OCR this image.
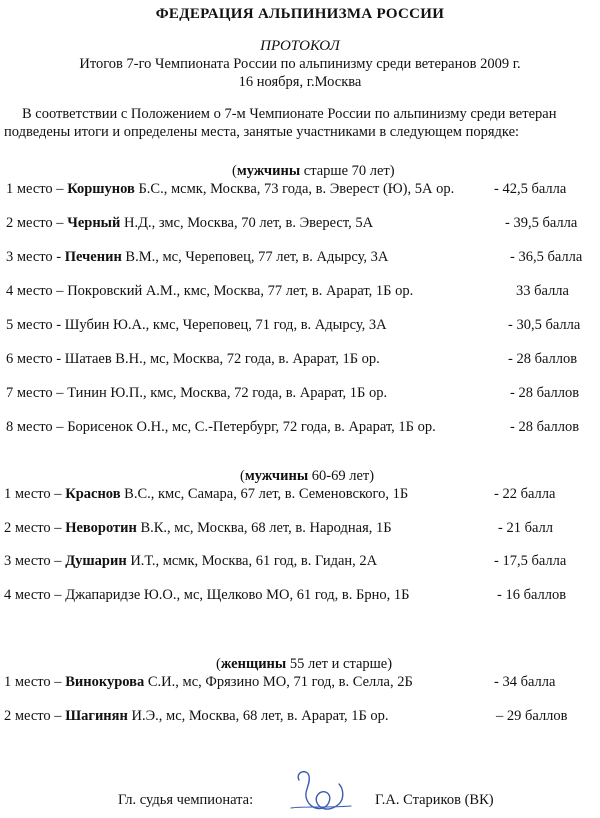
ФЕДЕРАЦИЯ АЛЬПИНИЗМА РОССИИ
ПРОТОКОЛ
Итогов 7-го Чемпионата России по альпинизму среди ветеранов 2009 г.
16 ноября, г.Москва
В соответствии с Положением о 7-м Чемпионате России по альпинизму среди ветеран
подведены итоги и определены места, занятые участниками в следующем порядке:
(мужчины старше 70 лет)
1 место – Коршунов Б.С., мсмк, Москва, 73 года, в. Эверест (Ю), 5А ор.	- 42,5 балла
2 место – Черный Н.Д., змс, Москва, 70 лет, в. Эверест, 5А	- 39,5 балла
3 место - Печенин В.М., мс, Череповец, 77 лет, в. Адырсу, 3А	- 36,5 балла
4 место – Покровский А.М., кмс, Москва, 77 лет, в. Арарат, 1Б ор.	33 балла
5 место - Шубин Ю.А., кмс, Череповец, 71 год, в. Адырсу, 3А	- 30,5 балла
6 место - Шатаев В.Н., мс, Москва, 72 года, в. Арарат, 1Б ор.	- 28 баллов
7 место – Тинин Ю.П., кмс, Москва, 72 года, в. Арарат, 1Б ор.	- 28 баллов
8 место – Борисенок О.Н., мс, С.-Петербург, 72 года, в. Арарат, 1Б ор.	- 28 баллов
(мужчины 60-69 лет)
1 место – Краснов В.С., кмс, Самара, 67 лет, в. Семеновского, 1Б	- 22 балла
2 место – Неворотин В.К., мс, Москва, 68 лет, в. Народная, 1Б	- 21 балл
3 место – Душарин И.Т., мсмк, Москва, 61 год, в. Гидан, 2А	- 17,5 балла
4 место – Джапаридзе Ю.О., мс, Щелково МО, 61 год, в. Брно, 1Б	- 16 баллов
(женщины 55 лет и старше)
1 место – Винокурова С.И., мс, Фрязино МО, 71 год, в. Селла, 2Б	- 34 балла
2 место – Шагинян И.Э., мс, Москва, 68 лет, в. Арарат, 1Б ор.	– 29 баллов
Гл. судья чемпионата:	Г.А. Стариков (ВК)
